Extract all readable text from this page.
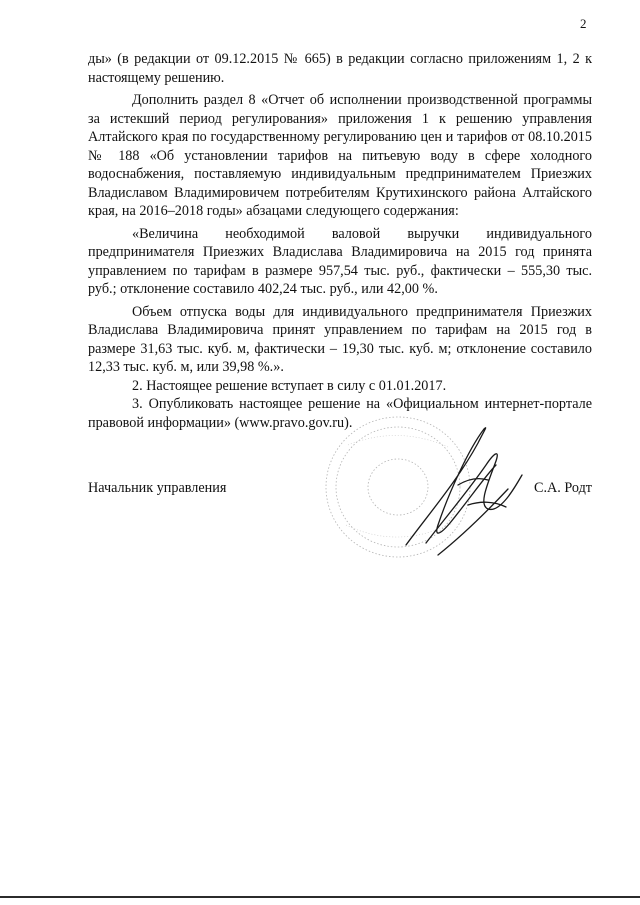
2

ды» (в редакции от 09.12.2015 № 665) в редакции согласно приложениям 1, 2 к настоящему решению.

Дополнить раздел 8 «Отчет об исполнении производственной программы за истекший период регулирования» приложения 1 к решению управления Алтайского края по государственному регулированию цен и тарифов от 08.10.2015 № 188 «Об установлении тарифов на питьевую воду в сфере холодного водоснабжения, поставляемую индивидуальным предпринимателем Приезжих Владиславом Владимировичем потребителям Крутихинского района Алтайского края, на 2016–2018 годы» абзацами следующего содержания:

«Величина необходимой валовой выручки индивидуального предпринимателя Приезжих Владислава Владимировича на 2015 год принята управлением по тарифам в размере 957,54 тыс. руб., фактически – 555,30 тыс. руб.; отклонение составило 402,24 тыс. руб., или 42,00 %.

Объем отпуска воды для индивидуального предпринимателя Приезжих Владислава Владимировича принят управлением по тарифам на 2015 год в размере 31,63 тыс. куб. м, фактически – 19,30 тыс. куб. м; отклонение составило 12,33 тыс. куб. м, или 39,98 %.».

2. Настоящее решение вступает в силу с 01.01.2017.

3. Опубликовать настоящее решение на «Официальном интернет-портале правовой информации» (www.pravo.gov.ru).

Начальник управления	С.А. Родт
